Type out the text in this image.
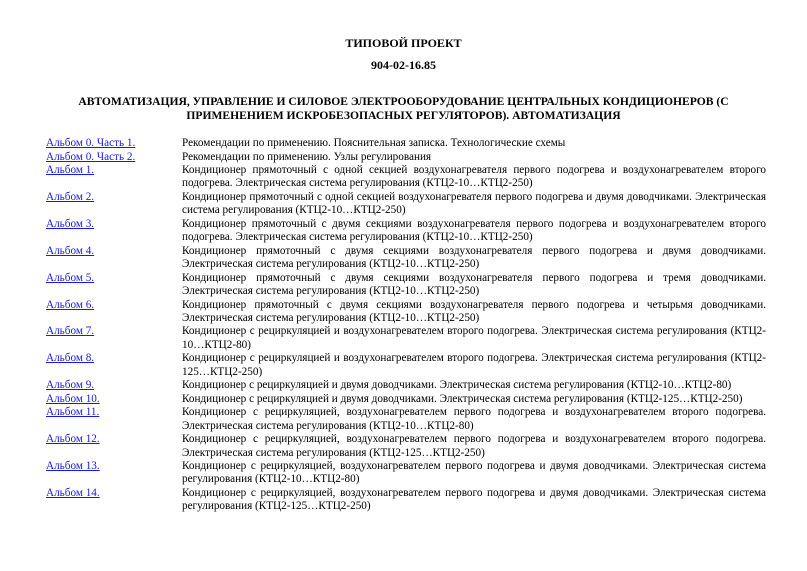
ТИПОВОЙ ПРОЕКТ
904-02-16.85
АВТОМАТИЗАЦИЯ, УПРАВЛЕНИЕ И СИЛОВОЕ ЭЛЕКТРООБОРУДОВАНИЕ ЦЕНТРАЛЬНЫХ КОНДИЦИОНЕРОВ (С ПРИМЕНЕНИЕМ ИСКРОБЕЗОПАСНЫХ РЕГУЛЯТОРОВ). АВТОМАТИЗАЦИЯ
Альбом 0. Часть 1.	Рекомендации по применению. Пояснительная записка. Технологические схемы
Альбом 0. Часть 2.	Рекомендации по применению. Узлы регулирования
Альбом 1.	Кондиционер прямоточный с одной секцией воздухонагревателя первого подогрева и воздухонагревателем второго подогрева. Электрическая система регулирования (КТЦ2-10…КТЦ2-250)
Альбом 2.	Кондиционер прямоточный с одной секцией воздухонагревателя первого подогрева и двумя доводчиками. Электрическая система регулирования (КТЦ2-10…КТЦ2-250)
Альбом 3.	Кондиционер прямоточный с двумя секциями воздухонагревателя первого подогрева и воздухонагревателем второго подогрева. Электрическая система регулирования (КТЦ2-10…КТЦ2-250)
Альбом 4.	Кондиционер прямоточный с двумя секциями воздухонагревателя первого подогрева и двумя доводчиками. Электрическая система регулирования (КТЦ2-10…КТЦ2-250)
Альбом 5.	Кондиционер прямоточный с двумя секциями воздухонагревателя первого подогрева и тремя доводчиками. Электрическая система регулирования (КТЦ2-10…КТЦ2-250)
Альбом 6.	Кондиционер прямоточный с двумя секциями воздухонагревателя первого подогрева и четырьмя доводчиками. Электрическая система регулирования (КТЦ2-10…КТЦ2-250)
Альбом 7.	Кондиционер с рециркуляцией и воздухонагревателем второго подогрева. Электрическая система регулирования (КТЦ2-10…КТЦ2-80)
Альбом 8.	Кондиционер с рециркуляцией и воздухонагревателем второго подогрева. Электрическая система регулирования (КТЦ2-125…КТЦ2-250)
Альбом 9.	Кондиционер с рециркуляцией и двумя доводчиками. Электрическая система регулирования (КТЦ2-10…КТЦ2-80)
Альбом 10.	Кондиционер с рециркуляцией и двумя доводчиками. Электрическая система регулирования (КТЦ2-125…КТЦ2-250)
Альбом 11.	Кондиционер с рециркуляцией, воздухонагревателем первого подогрева и воздухонагревателем второго подогрева. Электрическая система регулирования (КТЦ2-10…КТЦ2-80)
Альбом 12.	Кондиционер с рециркуляцией, воздухонагревателем первого подогрева и воздухонагревателем второго подогрева. Электрическая система регулирования (КТЦ2-125…КТЦ2-250)
Альбом 13.	Кондиционер с рециркуляцией, воздухонагревателем первого подогрева и двумя доводчиками. Электрическая система регулирования (КТЦ2-10…КТЦ2-80)
Альбом 14.	Кондиционер с рециркуляцией, воздухонагревателем первого подогрева и двумя доводчиками. Электрическая система регулирования (КТЦ2-125…КТЦ2-250)
